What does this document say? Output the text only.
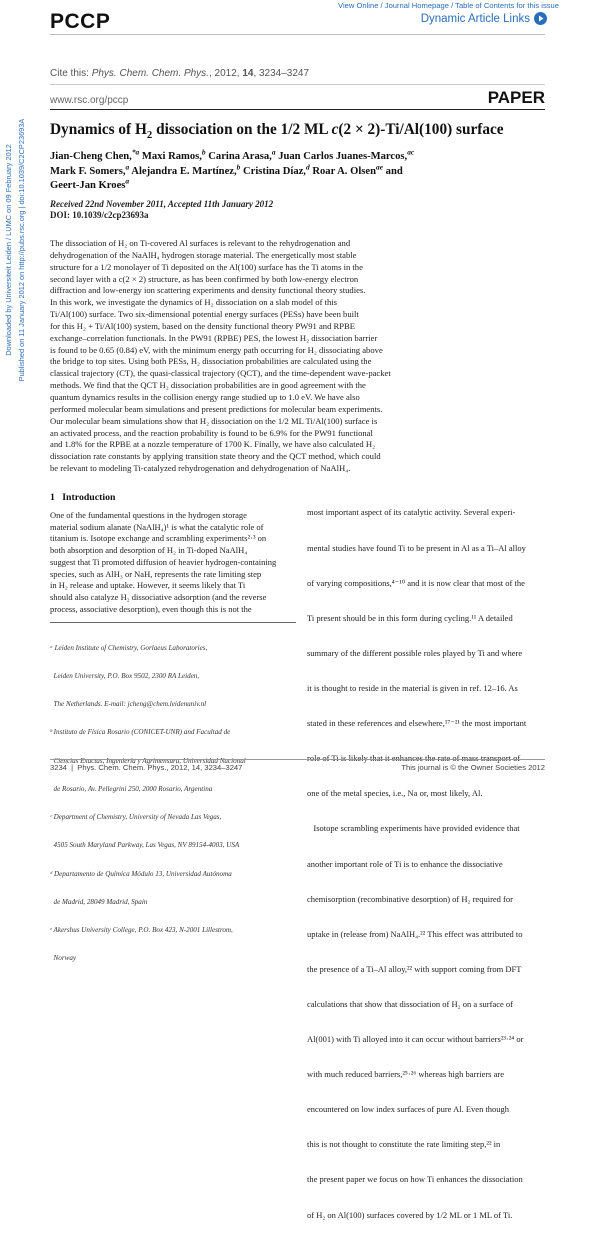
PCCP
View Online / Journal Homepage / Table of Contents for this issue
Dynamic Article Links
Cite this: Phys. Chem. Chem. Phys., 2012, 14, 3234–3247
www.rsc.org/pccp	PAPER
Dynamics of $H_2$ dissociation on the 1/2 ML c(2 × 2)-Ti/Al(100) surface
Jian-Cheng Chen,$^{*a}$ Maxi Ramos,$^b$ Carina Arasa,$^a$ Juan Carlos Juanes-Marcos,$^{ac}$
Mark F. Somers,$^a$ Alejandra E. Martínez,$^b$ Cristina Díaz,$^d$ Roar A. Olsen$^{ae}$ and
Geert-Jan Kroes$^a$
Received 22nd November 2011, Accepted 11th January 2012
DOI: 10.1039/c2cp23693a
Downloaded by Universiteit Leiden / LUMC on 09 February 2012 Published on 11 January 2012 on http://pubs.rsc.org | doi:10.1039/C2CP23693A	The dissociation of H₂ on Ti-covered Al surfaces is relevant to the rehydrogenation and
dehydrogenation of the NaAlH₄ hydrogen storage material. The energetically most stable
structure for a 1/2 monolayer of Ti deposited on the Al(100) surface has the Ti atoms in the
second layer with a c(2 × 2) structure, as has been confirmed by both low-energy electron
diffraction and low-energy ion scattering experiments and density functional theory studies.
In this work, we investigate the dynamics of H₂ dissociation on a slab model of this
Ti/Al(100) surface. Two six-dimensional potential energy surfaces (PESs) have been built
for this H₂ + Ti/Al(100) system, based on the density functional theory PW91 and RPBE
exchange–correlation functionals. In the PW91 (RPBE) PES, the lowest H₂ dissociation barrier
is found to be 0.65 (0.84) eV, with the minimum energy path occurring for H₂ dissociating above
the bridge to top sites. Using both PESs, H₂ dissociation probabilities are calculated using the
classical trajectory (CT), the quasi-classical trajectory (QCT), and the time-dependent wave-packet
methods. We find that the QCT H₂ dissociation probabilities are in good agreement with the
quantum dynamics results in the collision energy range studied up to 1.0 eV. We have also
performed molecular beam simulations and present predictions for molecular beam experiments.
Our molecular beam simulations show that H₂ dissociation on the 1/2 ML Ti/Al(100) surface is
an activated process, and the reaction probability is found to be 6.9% for the PW91 functional
and 1.8% for the RPBE at a nozzle temperature of 1700 K. Finally, we have also calculated H₂
dissociation rate constants by applying transition state theory and the QCT method, which could
be relevant to modeling Ti-catalyzed rehydrogenation and dehydrogenation of NaAlH₄.
1   Introduction
One of the fundamental questions in the hydrogen storage
material sodium alanate (NaAlH₄)¹ is what the catalytic role of
titanium is. Isotope exchange and scrambling experiments²·³ on
both absorption and desorption of H₂ in Ti-doped NaAlH₄
suggest that Ti promoted diffusion of heavier hydrogen-containing
species, such as AlH₃ or NaH, represents the rate limiting step
in H₂ release and uptake. However, it seems likely that Ti
should also catalyze H₂ dissociative adsorption (and the reverse
process, associative desorption), even though this is not the

ᵃ Leiden Institute of Chemistry, Gorlaeus Laboratories,

Leiden University, P.O. Box 9502, 2300 RA Leiden,

The Netherlands. E-mail: jcheng@chem.leidenuniv.nl

ᵇ Instituto de Física Rosario (CONICET-UNR) and Facultad de

Ciencias Exactas, Ingeniería y Agrimensura, Universidad Nacional

de Rosario, Av. Pellegrini 250, 2000 Rosario, Argentina

ᶜ Department of Chemistry, University of Nevada Las Vegas,

4505 South Maryland Parkway, Las Vegas, NV 89154-4003, USA

ᵈ Departamento de Química Módulo 13, Universidad Autónoma

de Madrid, 28049 Madrid, Spain

ᵉ Akershus University College, P.O. Box 423, N-2001 Lillestrom,

Norway

most important aspect of its catalytic activity. Several experi-

mental studies have found Ti to be present in Al as a Ti–Al alloy

of varying compositions,⁴⁻¹⁰ and it is now clear that most of the

Ti present should be in this form during cycling.¹¹ A detailed

summary of the different possible roles played by Ti and where

it is thought to reside in the material is given in ref. 12–16. As

stated in these references and elsewhere,¹⁷⁻²¹ the most important

role of Ti is likely that it enhances the rate of mass transport of

one of the metal species, i.e., Na or, most likely, Al.

Isotope scrambling experiments have provided evidence that

another important role of Ti is to enhance the dissociative

chemisorption (recombinative desorption) of H₂ required for

uptake in (release from) NaAlH₄.²² This effect was attributed to

the presence of a Ti–Al alloy,²² with support coming from DFT

calculations that show that dissociation of H₂ on a surface of

Al(001) with Ti alloyed into it can occur without barriers²³·²⁴ or

with much reduced barriers,²⁵·²⁶ whereas high barriers are

encountered on low index surfaces of pure Al. Even though

this is not thought to constitute the rate limiting step,²² in

the present paper we focus on how Ti enhances the dissociation

of H₂ on Al(100) surfaces covered by 1/2 ML or 1 ML of Ti.

3234  |  Phys. Chem. Chem. Phys., 2012, 14, 3234–3247	This journal is © the Owner Societies 2012
